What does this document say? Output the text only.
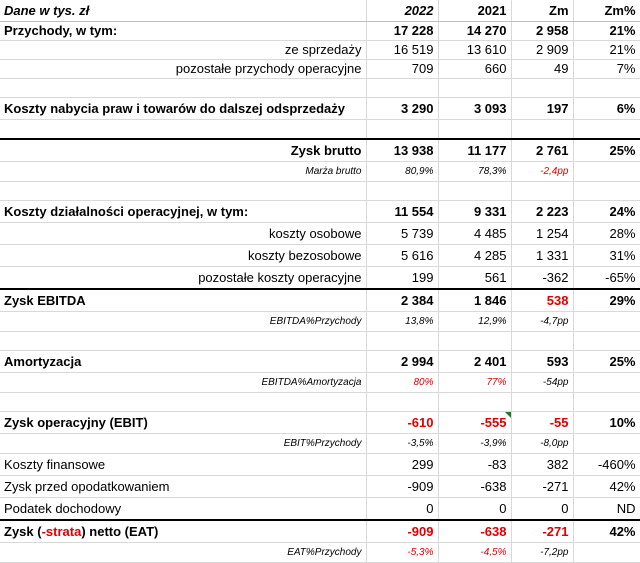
Dane w tys. zł	2022	2021	Zm	Zm%
Przychody, w tym:	17 228	14 270	2 958	21%
ze sprzedaży	16 519	13 610	2 909	21%
pozostałe przychody operacyjne	709	660	49	7%

Koszty nabycia praw i towarów do dalszej odsprzedaży	3 290	3 093	197	6%

Zysk brutto	13 938	11 177	2 761	25%
Marża brutto	80,9%	78,3%	-2,4pp	

Koszty działalności operacyjnej, w tym:	11 554	9 331	2 223	24%
koszty osobowe	5 739	4 485	1 254	28%
koszty bezosobowe	5 616	4 285	1 331	31%
pozostałe koszty operacyjne	199	561	-362	-65%
Zysk EBITDA	2 384	1 846	538	29%
EBITDA%Przychody	13,8%	12,9%	-4,7pp	

Amortyzacja	2 994	2 401	593	25%
EBITDA%Amortyzacja	80%	77%	-54pp	

Zysk operacyjny (EBIT)	-610	-555	-55	10%
EBIT%Przychody	-3,5%	-3,9%	-8,0pp	
Koszty finansowe	299	-83	382	-460%
Zysk przed opodatkowaniem	-909	-638	-271	42%
Podatek dochodowy	0	0	0	ND
Zysk (-strata) netto (EAT)	-909	-638	-271	42%
EAT%Przychody	-5,3%	-4,5%	-7,2pp	
